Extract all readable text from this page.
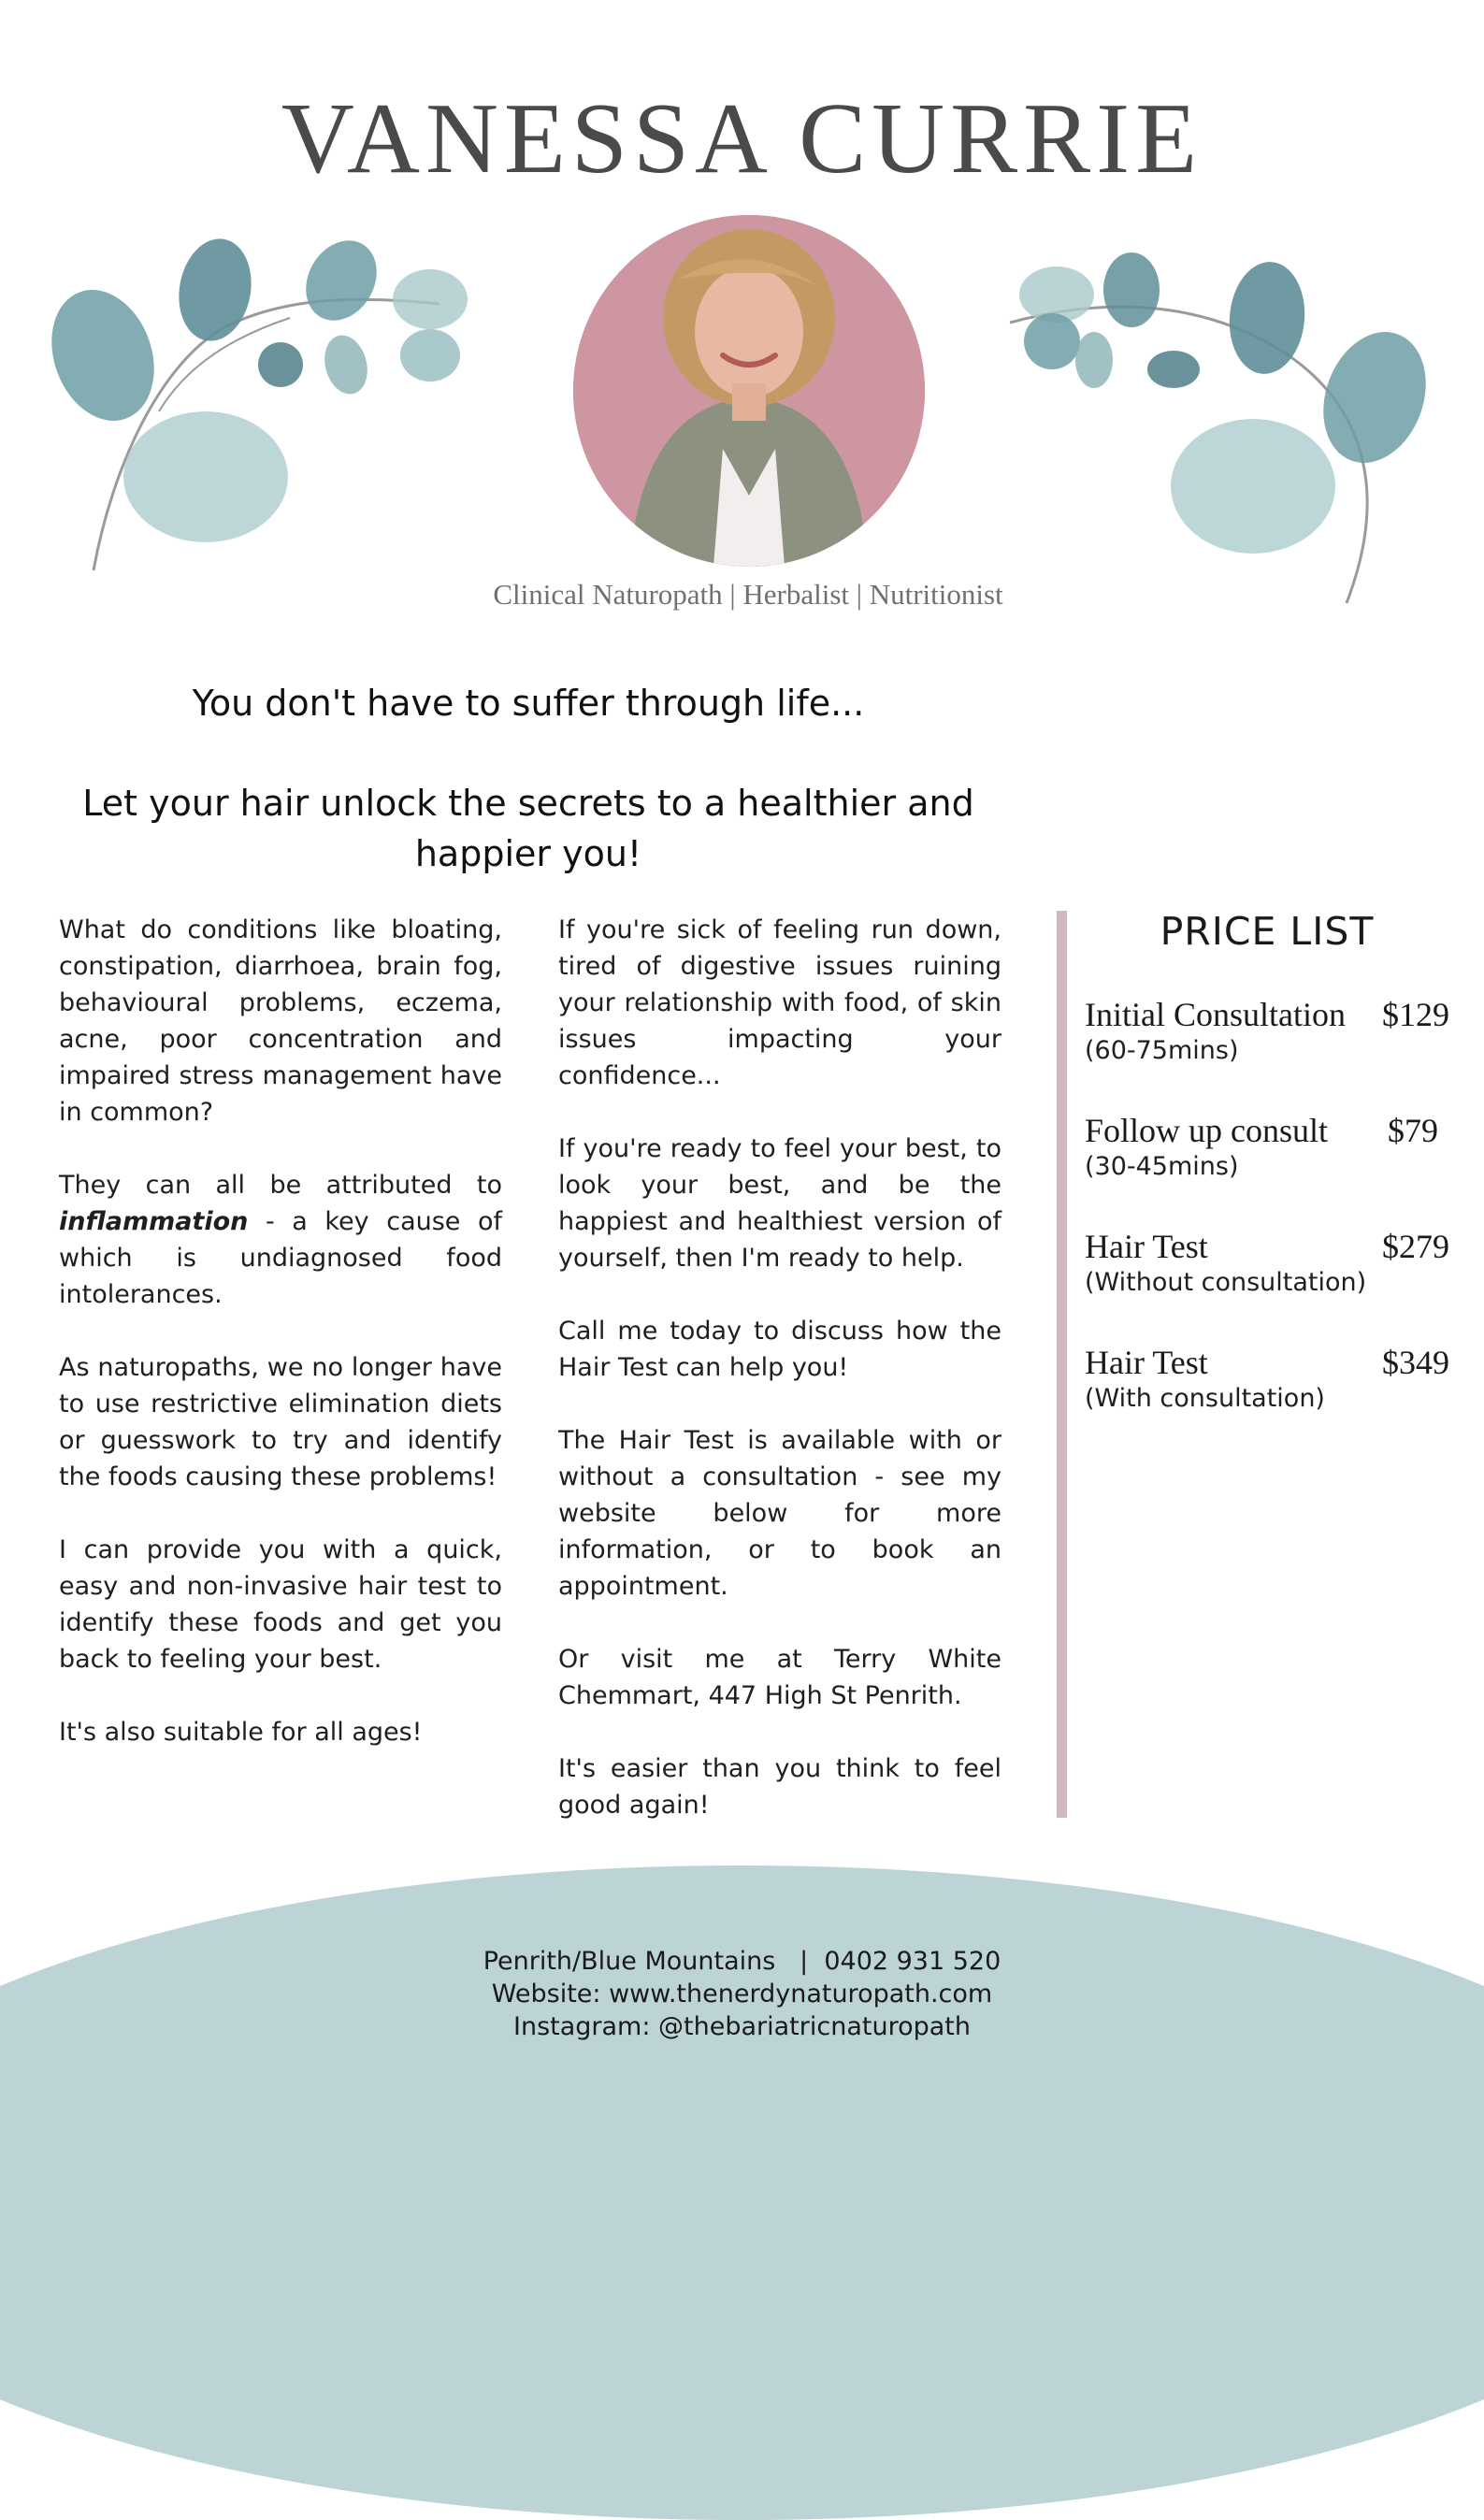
VANESSA CURRIE
Clinical Naturopath | Herbalist | Nutritionist
You don't have to suffer through life...
Let your hair unlock the secrets to a healthier and happier you!

What do conditions like bloating, constipation, diarrhoea, brain fog, behavioural problems, eczema, acne, poor concentration and impaired stress management have in common?

They can all be attributed to inflammation - a key cause of which is undiagnosed food intolerances.

As naturopaths, we no longer have to use restrictive elimination diets or guesswork to try and identify the foods causing these problems!

I can provide you with a quick, easy and non-invasive hair test to identify these foods and get you back to feeling your best.

It's also suitable for all ages!

If you're sick of feeling run down, tired of digestive issues ruining your relationship with food, of skin issues impacting your confidence...

If you're ready to feel your best, to look your best, and be the happiest and healthiest version of yourself, then I'm ready to help.

Call me today to discuss how the Hair Test can help you!

The Hair Test is available with or without a consultation - see my website below for more information, or to book an appointment.

Or visit me at Terry White Chemmart, 447 High St Penrith.

It's easier than you think to feel good again!

PRICE LIST
Initial Consultation $129
(60-75mins)
Follow up consult $79
(30-45mins)
Hair Test	$279
(Without consultation)
Hair Test	$349
(With consultation)
Penrith/Blue Mountains   |  0402 931 520
Website: www.thenerdynaturopath.com
Instagram: @thebariatricnaturopath
